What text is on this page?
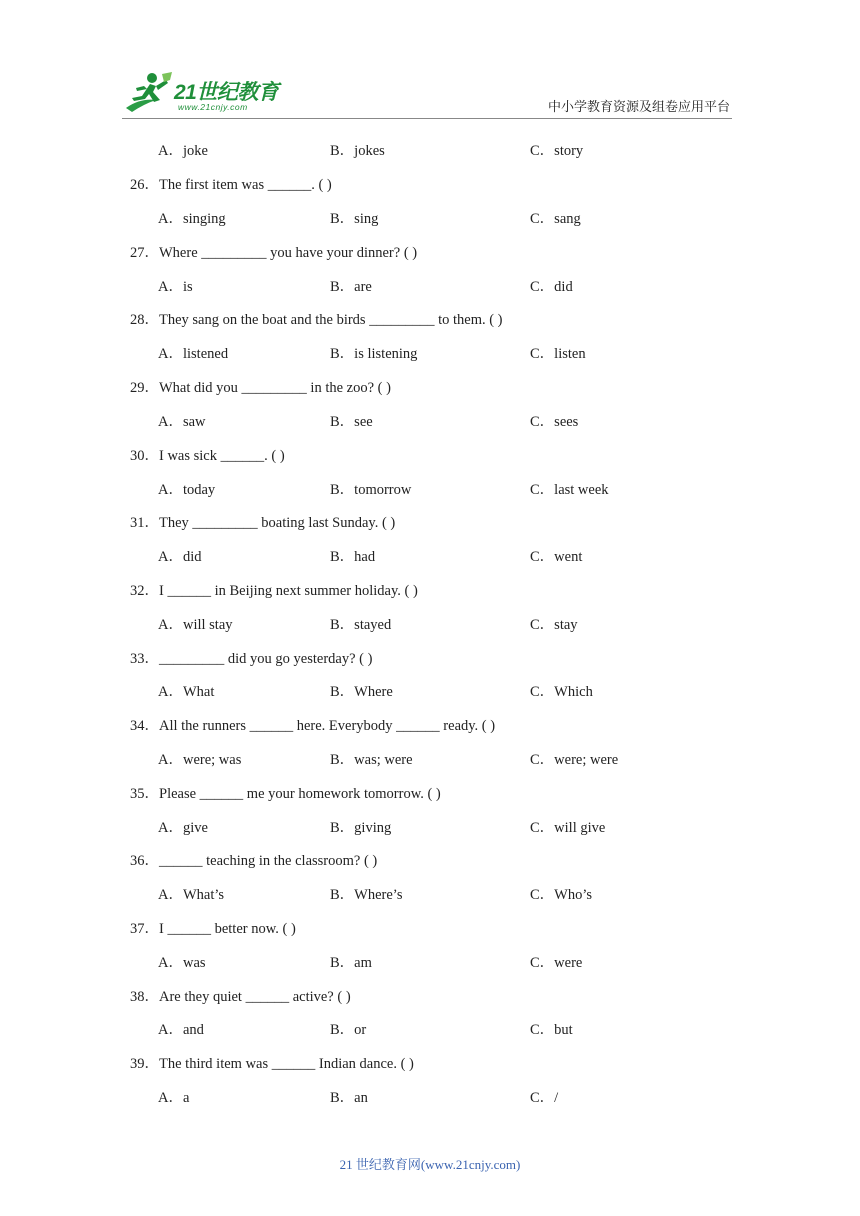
21世纪教育
www.21cnjy.com	中小学教育资源及组卷应用平台
A．joke	B．jokes	C．story
26．The first item was ______. ( )
A．singing	B．sing	C．sang
27．Where _________ you have your dinner? ( )
A．is	B．are	C．did
28．They sang on the boat and the birds _________ to them. ( )
A．listened	B．is listening	C．listen
29．What did you _________ in the zoo? ( )
A．saw	B．see	C．sees
30．I was sick ______. ( )
A．today	B．tomorrow	C．last week
31．They _________ boating last Sunday. ( )
A．did	B．had	C．went
32．I ______ in Beijing next summer holiday. ( )
A．will stay	B．stayed	C．stay
33．_________ did you go yesterday? ( )
A．What	B．Where	C．Which
34．All the runners ______ here. Everybody ______ ready. ( )
A．were; was	B．was; were	C．were; were
35．Please ______ me your homework tomorrow. ( )
A．give	B．giving	C．will give
36．______ teaching in the classroom? ( )
A．What’s	B．Where’s	C．Who’s
37．I ______ better now. ( )
A．was	B．am	C．were
38．Are they quiet ______ active? ( )
A．and	B．or	C．but
39．The third item was ______ Indian dance. ( )
A．a	B．an	C．/
21 世纪教育网(www.21cnjy.com)
